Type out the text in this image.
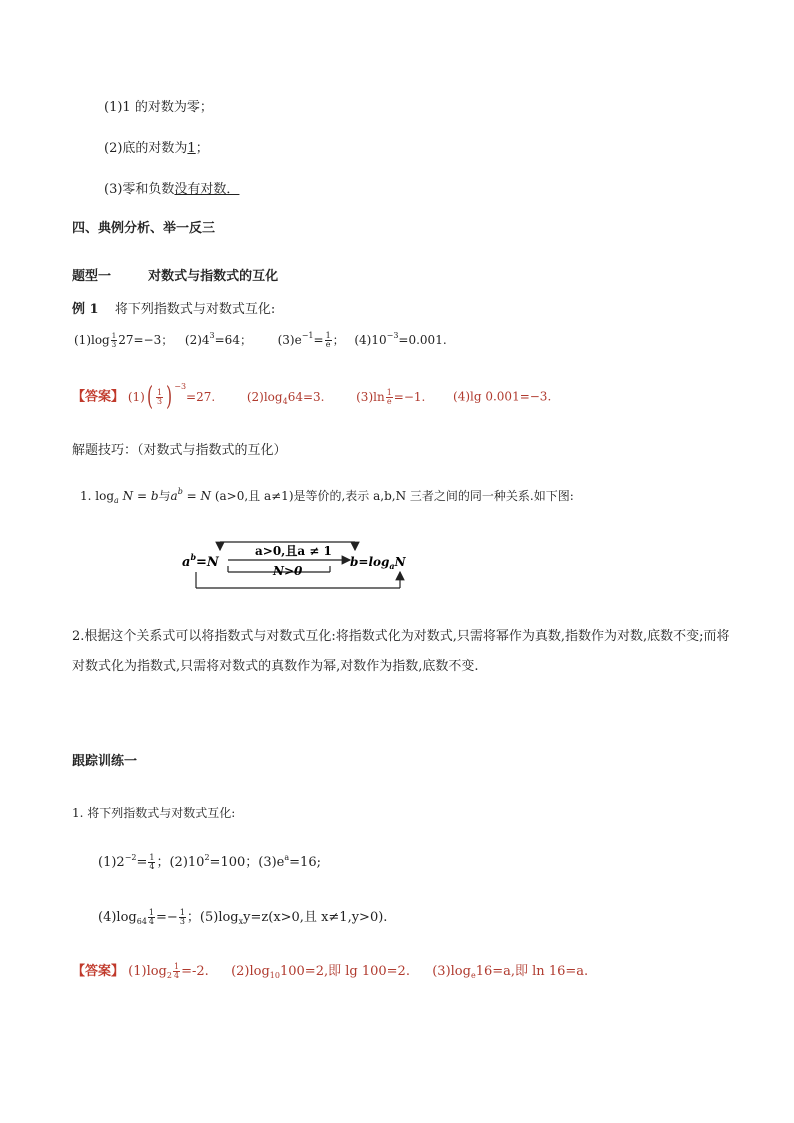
(1)1 的对数为零；
(2)底的对数为1；
(3)零和负数没有对数．
四、典例分析、举一反三
题型一	对数式与指数式的互化
例 1 将下列指数式与对数式互化:
$(1)\log \frac{1}{3} 27=-3$； $(2)4^3=64$； $(3)e^{-1}= \frac{1}{e}$ ； $(4)10^{-3}=0.001$.
【答案】 $(1)( \frac{1}{3}$ ) $^{-3}$=27.	$(2)\log_464=3$.	$(3)\ln \frac{1}{e} =-1$. (4)lg 0.001=−3.
解题技巧：（对数式与指数式的互化）
1. $\log_a N = b$与$a^b = N$ (a>0,且 a≠1)是等价的,表示 a,b,N 三者之间的同一种关系.如下图:
$a^b=N$
a>0,且a ≠ 1
N>0
$b=\log_aN$
2.根据这个关系式可以将指数式与对数式互化:将指数式化为对数式,只需将幂作为真数,指数作为对数,底数不变;而将对数式化为指数式,只需将对数式的真数作为幂,对数作为指数,底数不变.
跟踪训练一
1. 将下列指数式与对数式互化:
$(1)2^{-2}= \frac{1}{4}$ ；$(2)10^2=100$；$(3)e^a=16$;
$(4)\log_{64} \frac{1}{4} =- \frac{1}{3}$ ；$(5)\log_xy=z(x>0$,且 x≠1,y>0).
【答案】 $(1)\log_2 \frac{1}{4} =-2$. $(2)\log_{10}100=2$,即 lg 100=2. $(3)\log_e16=a$,即 ln 16=a.
